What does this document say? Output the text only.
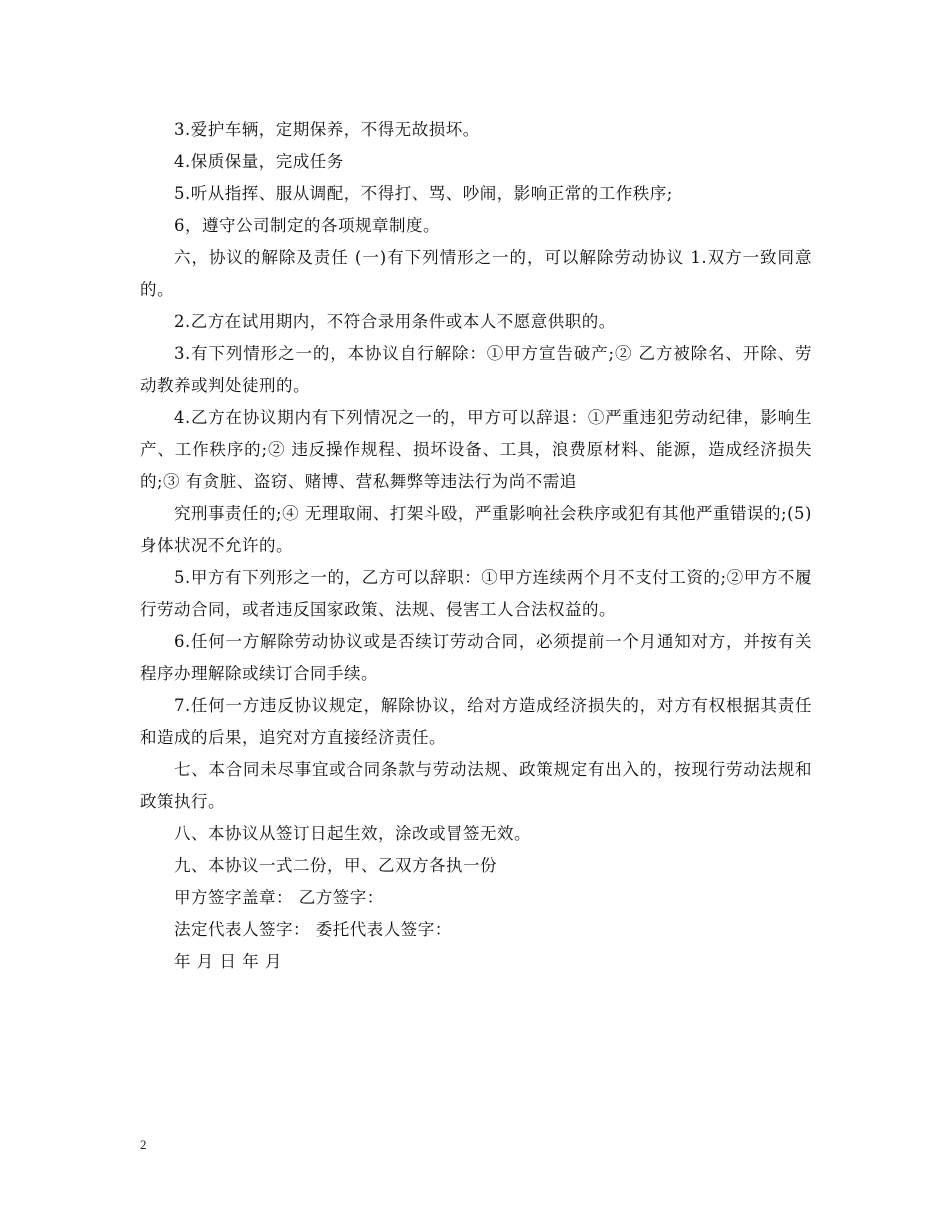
3.爱护车辆，定期保养，不得无故损坏。

4.保质保量，完成任务

5.听从指挥、服从调配，不得打、骂、吵闹，影响正常的工作秩序;

6，遵守公司制定的各项规章制度。

六，协议的解除及责任 (一)有下列情形之一的，可以解除劳动协议 1.双方一致同意的。

2.乙方在试用期内，不符合录用条件或本人不愿意供职的。

3.有下列情形之一的，本协议自行解除：①甲方宣告破产;② 乙方被除名、开除、劳动教养或判处徒刑的。

4.乙方在协议期内有下列情况之一的，甲方可以辞退：①严重违犯劳动纪律，影响生产、工作秩序的;② 违反操作规程、损坏设备、工具，浪费原材料、能源，造成经济损失的;③ 有贪脏、盗窃、赌博、营私舞弊等违法行为尚不需追

究刑事责任的;④ 无理取闹、打架斗殴，严重影响社会秩序或犯有其他严重错误的;(5)身体状况不允许的。

5.甲方有下列形之一的，乙方可以辞职：①甲方连续两个月不支付工资的;②甲方不履行劳动合同，或者违反国家政策、法规、侵害工人合法权益的。

6.任何一方解除劳动协议或是否续订劳动合同，必须提前一个月通知对方，并按有关程序办理解除或续订合同手续。

7.任何一方违反协议规定，解除协议，给对方造成经济损失的，对方有权根据其责任和造成的后果，追究对方直接经济责任。

七、本合同未尽事宜或合同条款与劳动法规、政策规定有出入的，按现行劳动法规和政策执行。

八、本协议从签订日起生效，涂改或冒签无效。

九、本协议一式二份，甲、乙双方各执一份

甲方签字盖章： 乙方签字：

法定代表人签字： 委托代表人签字：

年 月 日 年 月

2
